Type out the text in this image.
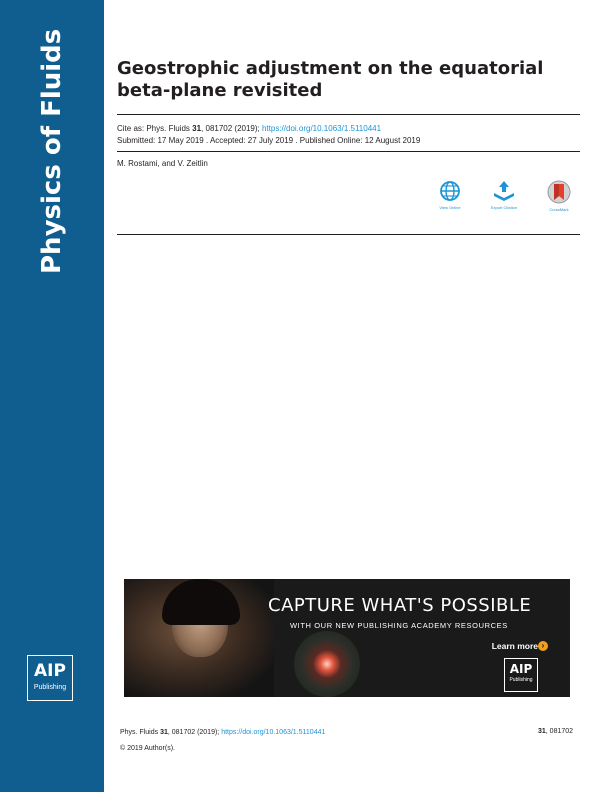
Physics of Fluids
AIP
Publishing
Geostrophic adjustment on the equatorial beta-plane revisited
Cite as: Phys. Fluids 31, 081702 (2019); https://doi.org/10.1063/1.5110441
Submitted: 17 May 2019 . Accepted: 27 July 2019 . Published Online: 12 August 2019
M. Rostami, and V. Zeitlin
View Online	Export Citation	CrossMark
CAPTURE WHAT'S POSSIBLE
WITH OUR NEW PUBLISHING ACADEMY RESOURCES
Learn more ›
AIP
Publishing
Phys. Fluids 31, 081702 (2019); https://doi.org/10.1063/1.5110441	31, 081702
© 2019 Author(s).
